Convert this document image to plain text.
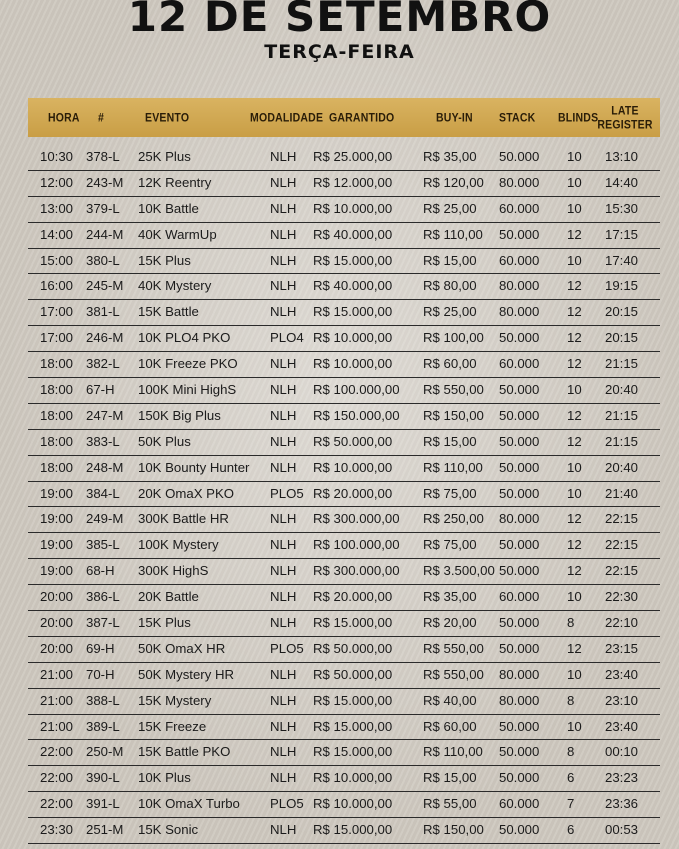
12 DE SETEMBRO
TERÇA-FEIRA
HORA #	EVENTO	MODALIDADE GARANTIDO	BUY-IN STACK BLINDS LATE
REGISTER
10:30 378-L 25K Plus	NLH R$ 25.000,00 R$ 35,00 50.000 10 13:10
12:00 243-M 12K Reentry	NLH R$ 12.000,00 R$ 120,00 80.000 10 14:40
13:00 379-L 10K Battle	NLH R$ 10.000,00 R$ 25,00 60.000 10 15:30
14:00 244-M 40K WarmUp	NLH R$ 40.000,00 R$ 110,00 50.000 12 17:15
15:00 380-L 15K Plus	NLH R$ 15.000,00 R$ 15,00 60.000 10 17:40
16:00 245-M 40K Mystery	NLH R$ 40.000,00 R$ 80,00 80.000 12 19:15
17:00 381-L 15K Battle	NLH R$ 15.000,00 R$ 25,00 80.000 12 20:15
17:00 246-M 10K PLO4 PKO	PLO4 R$ 10.000,00 R$ 100,00 50.000 12 20:15
18:00 382-L 10K Freeze PKO NLH R$ 10.000,00 R$ 60,00 60.000 12 21:15
18:00 67-H 100K Mini HighS	NLH R$ 100.000,00 R$ 550,00 50.000 10 20:40
18:00 247-M 150K Big Plus	NLH R$ 150.000,00 R$ 150,00 50.000 12 21:15
18:00 383-L 50K Plus	NLH R$ 50.000,00 R$ 15,00 50.000 12 21:15
18:00 248-M 10K Bounty Hunter NLH R$ 10.000,00 R$ 110,00 50.000 10 20:40
19:00 384-L 20K OmaX PKO	PLO5 R$ 20.000,00 R$ 75,00 50.000 10 21:40
19:00 249-M 300K Battle HR	NLH R$ 300.000,00 R$ 250,00 80.000 12 22:15
19:00 385-L 100K Mystery	NLH R$ 100.000,00 R$ 75,00 50.000 12 22:15
19:00 68-H 300K HighS	NLH R$ 300.000,00 R$ 3.500,00 50.000 12 22:15
20:00 386-L 20K Battle	NLH R$ 20.000,00 R$ 35,00 60.000 10 22:30
20:00 387-L 15K Plus	NLH R$ 15.000,00 R$ 20,00 50.000 8 22:10
20:00 69-H 50K OmaX HR	PLO5 R$ 50.000,00 R$ 550,00 50.000 12 23:15
21:00 70-H 50K Mystery HR	NLH R$ 50.000,00 R$ 550,00 80.000 10 23:40
21:00 388-L 15K Mystery	NLH R$ 15.000,00 R$ 40,00 80.000 8 23:10
21:00 389-L 15K Freeze	NLH R$ 15.000,00 R$ 60,00 50.000 10 23:40
22:00 250-M 15K Battle PKO	NLH R$ 15.000,00 R$ 110,00 50.000 8 00:10
22:00 390-L 10K Plus	NLH R$ 10.000,00 R$ 15,00 50.000 6 23:23
22:00 391-L 10K OmaX Turbo PLO5 R$ 10.000,00 R$ 55,00 60.000 7 23:36
23:30 251-M 15K Sonic	NLH R$ 15.000,00 R$ 150,00 50.000 6 00:53
